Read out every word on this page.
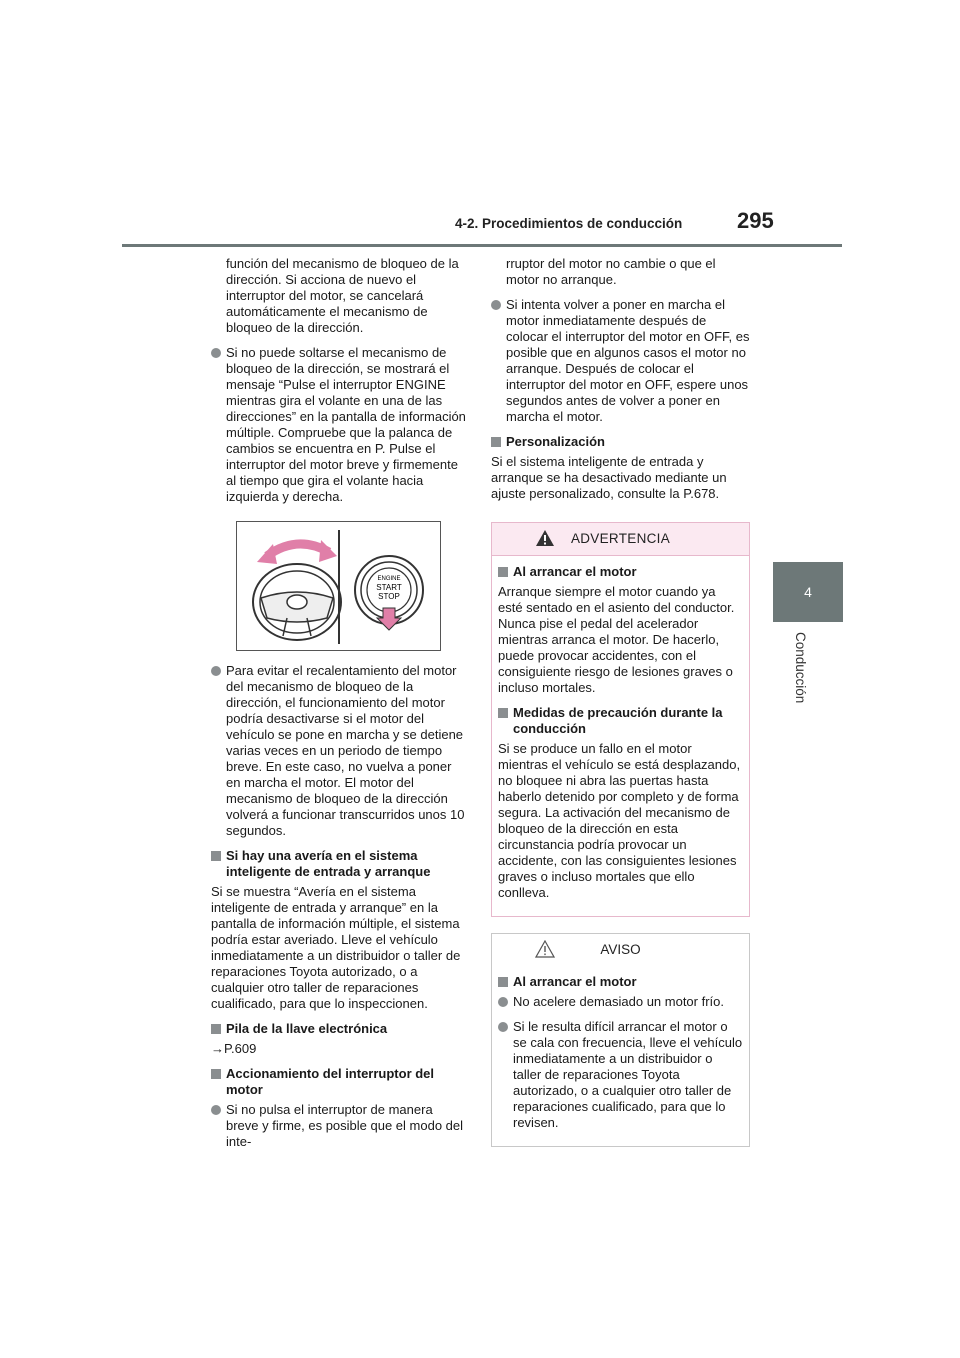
4-2. Procedimientos de conducción	295
4
Conducción

función del mecanismo de bloqueo de la dirección. Si acciona de nuevo el interruptor del motor, se cancelará automáticamente el mecanismo de bloqueo de la dirección.

Si no puede soltarse el mecanismo de bloqueo de la dirección, se mostrará el mensaje “Pulse el interruptor ENGINE mientras gira el volante en una de las direcciones” en la pantalla de información múltiple. Compruebe que la palanca de cambios se encuentra en P. Pulse el interruptor del motor breve y firmemente al tiempo que gira el volante hacia izquierda y derecha.

ENGINE
START
STOP

Para evitar el recalentamiento del motor del mecanismo de bloqueo de la dirección, el funcionamiento del motor podría desactivarse si el motor del vehículo se pone en marcha y se detiene varias veces en un periodo de tiempo breve. En este caso, no vuelva a poner en marcha el motor. El motor del mecanismo de bloqueo de la dirección volverá a funcionar transcurridos unos 10 segundos.

Si hay una avería en el sistema inteligente de entrada y arranque

Si se muestra “Avería en el sistema inteligente de entrada y arranque” en la pantalla de información múltiple, el sistema podría estar averiado. Lleve el vehículo inmediatamente a un distribuidor o taller de reparaciones Toyota autorizado, o a cualquier otro taller de reparaciones cualificado, para que lo inspeccionen.

Pila de la llave electrónica

→P.609

Accionamiento del interruptor del motor

Si no pulsa el interruptor de manera breve y firme, es posible que el modo del inte-

rruptor del motor no cambie o que el motor no arranque.

Si intenta volver a poner en marcha el motor inmediatamente después de colocar el interruptor del motor en OFF, es posible que en algunos casos el motor no arranque. Después de colocar el interruptor del motor en OFF, espere unos segundos antes de volver a poner en marcha el motor.

Personalización

Si el sistema inteligente de entrada y arranque se ha desactivado mediante un ajuste personalizado, consulte la P.678.

ADVERTENCIA

Al arrancar el motor

Arranque siempre el motor cuando ya esté sentado en el asiento del conductor. Nunca pise el pedal del acelerador mientras arranca el motor. De hacerlo, puede provocar accidentes, con el consiguiente riesgo de lesiones graves o incluso mortales.

Medidas de precaución durante la conducción

Si se produce un fallo en el motor mientras el vehículo se está desplazando, no bloquee ni abra las puertas hasta haberlo detenido por completo y de forma segura. La activación del mecanismo de bloqueo de la dirección en esta circunstancia podría provocar un accidente, con las consiguientes lesiones graves o incluso mortales que ello conlleva.

AVISO

Al arrancar el motor

No acelere demasiado un motor frío.

Si le resulta difícil arrancar el motor o se cala con frecuencia, lleve el vehículo inmediatamente a un distribuidor o taller de reparaciones Toyota autorizado, o a cualquier otro taller de reparaciones cualificado, para que lo revisen.
